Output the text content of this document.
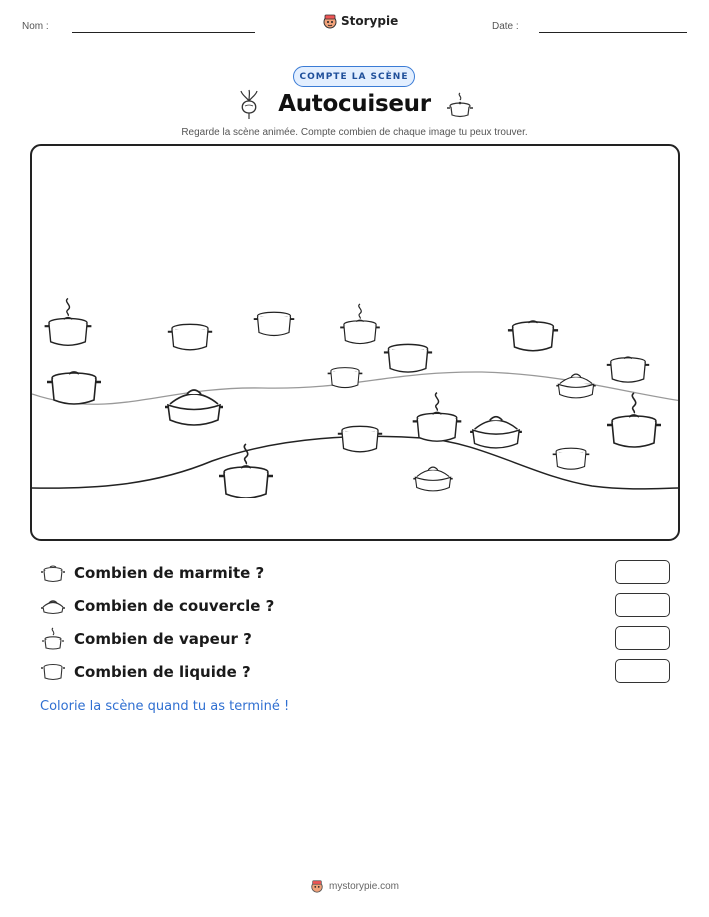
Nom :	Storypie	Date :
COMPTE LA SCÈNE
Autocuiseur
Regarde la scène animée. Compte combien de chaque image tu peux trouver.
Combien de marmite ?
Combien de couvercle ?
Combien de vapeur ?
Combien de liquide ?
Colorie la scène quand tu as terminé !
mystorypie.com
